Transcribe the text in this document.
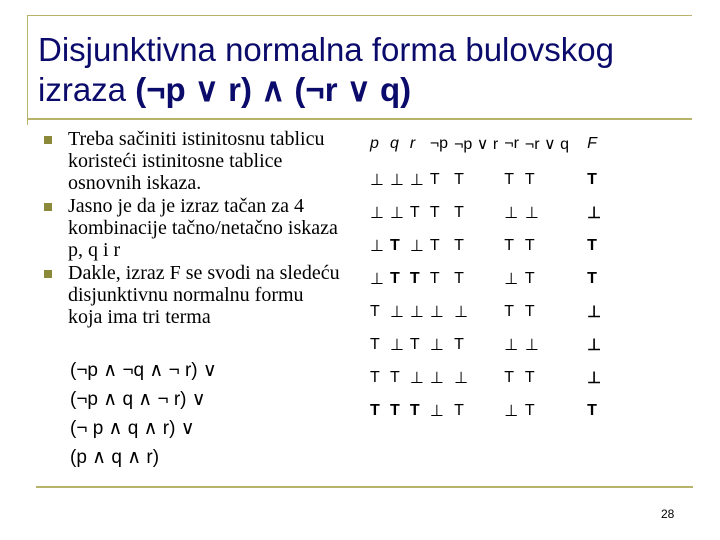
Disjunktivna normalna forma bulovskog
izraza (¬p ∨ r) ∧ (¬r ∨ q)
Treba sačiniti istinitosnu tablicu koristeći istinitosne tablice osnovnih iskaza.
Jasno je da je izraz tačan za 4 kombinacije tačno/netačno iskaza p, q i r
Dakle, izraz F se svodi na sledeću disjunktivnu normalnu formu koja ima tri terma
(¬p ∧ ¬q ∧ ¬ r) ∨
(¬p ∧ q ∧ ¬ r) ∨
(¬ p ∧ q ∧ r) ∨
(p ∧ q ∧ r)
p	q	r	¬p	¬p ∨ r	¬r	¬r ∨ q	F
⊥	⊥	⊥	T	T	T	T	T
⊥	⊥	T	T	T	⊥	⊥	⊥
⊥	T	⊥	T	T	T	T	T
⊥	T	T	T	T	⊥	T	T
T	⊥	⊥	⊥	⊥	T	T	⊥
T	⊥	T	⊥	T	⊥	⊥	⊥
T	T	⊥	⊥	⊥	T	T	⊥
T	T	T	⊥	T	⊥	T	T
28
